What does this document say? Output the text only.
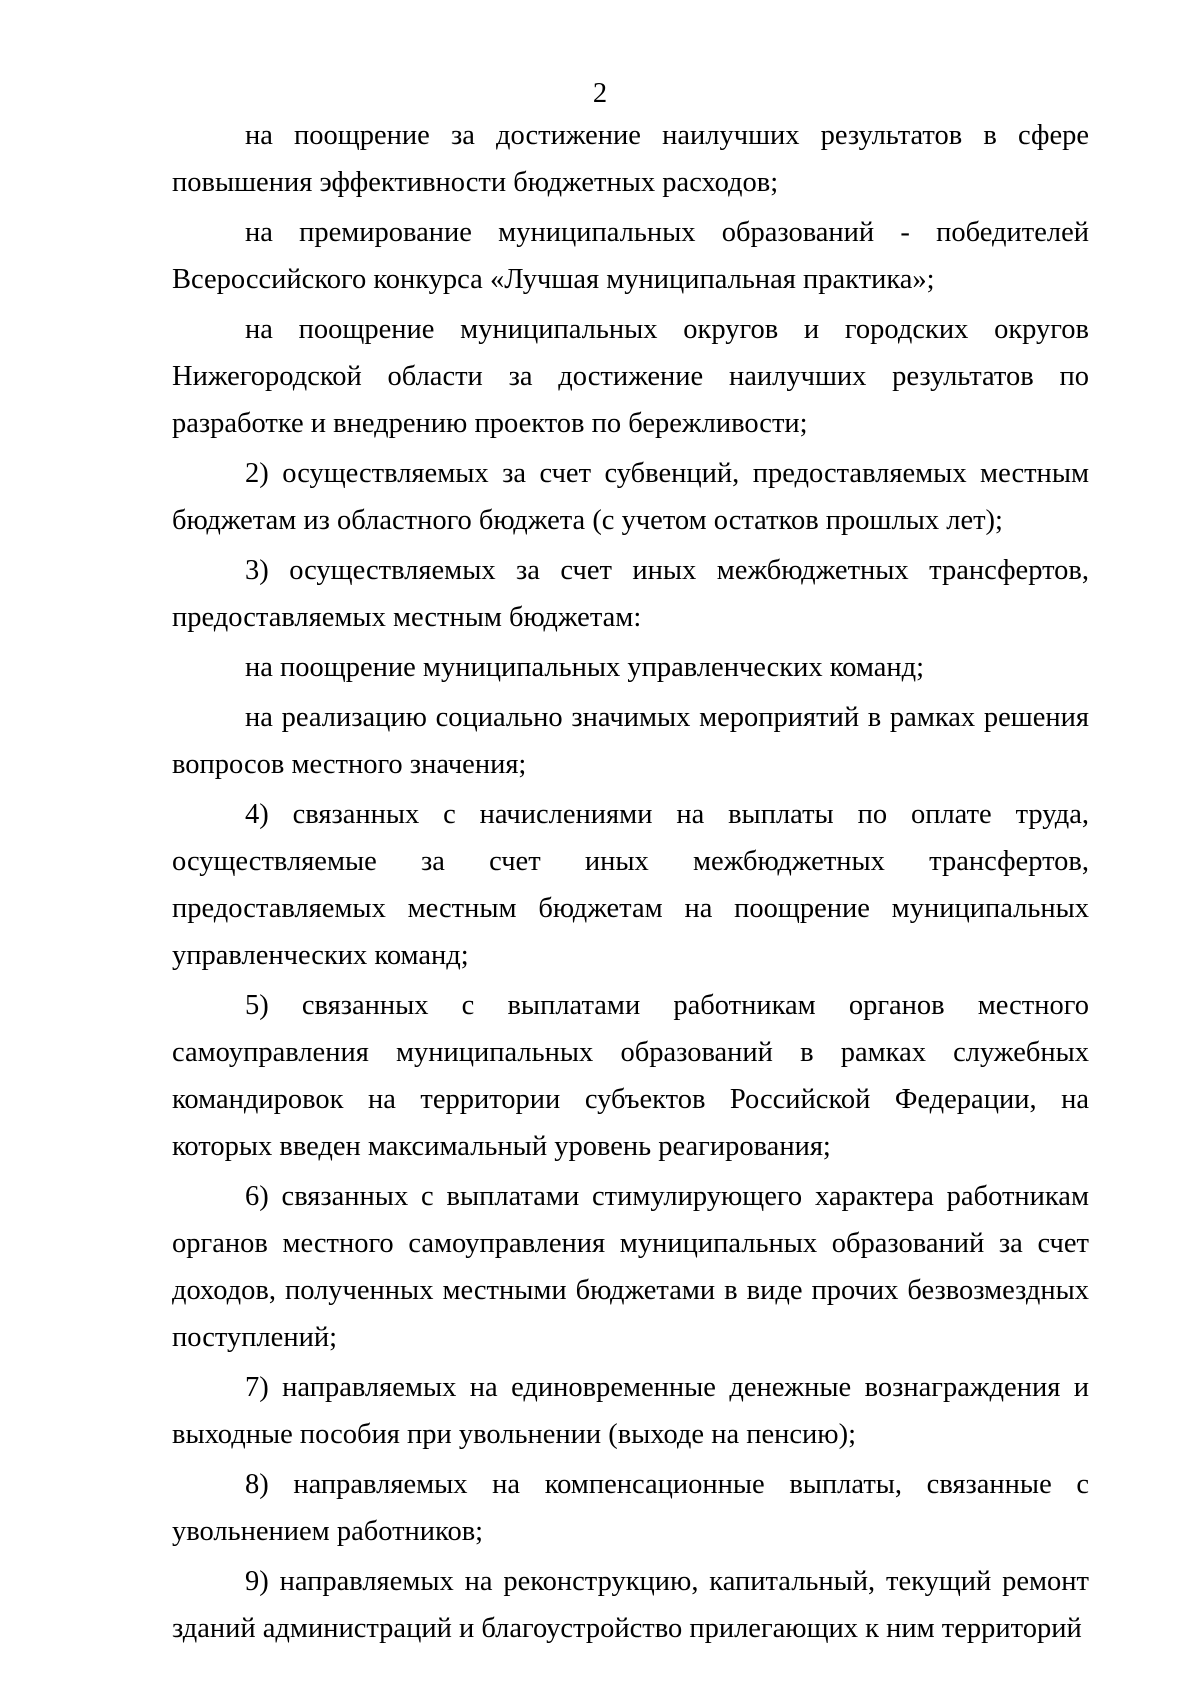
2

на поощрение за достижение наилучших результатов в сфере повышения эффективности бюджетных расходов;

на премирование муниципальных образований - победителей Всероссийского конкурса «Лучшая муниципальная практика»;

на поощрение муниципальных округов и городских округов Нижегородской области за достижение наилучших результатов по разработке и внедрению проектов по бережливости;

2) осуществляемых за счет субвенций, предоставляемых местным бюджетам из областного бюджета (с учетом остатков прошлых лет);

3) осуществляемых за счет иных межбюджетных трансфертов, предоставляемых местным бюджетам:

на поощрение муниципальных управленческих команд;

на реализацию социально значимых мероприятий в рамках решения вопросов местного значения;

4) связанных с начислениями на выплаты по оплате труда, осуществляемые за счет иных межбюджетных трансфертов, предоставляемых местным бюджетам на поощрение муниципальных управленческих команд;

5) связанных с выплатами работникам органов местного самоуправления муниципальных образований в рамках служебных командировок на территории субъектов Российской Федерации, на которых введен максимальный уровень реагирования;

6) связанных с выплатами стимулирующего характера работникам органов местного самоуправления муниципальных образований за счет доходов, полученных местными бюджетами в виде прочих безвозмездных поступлений;

7) направляемых на единовременные денежные вознаграждения и выходные пособия при увольнении (выходе на пенсию);

8) направляемых на компенсационные выплаты, связанные с увольнением работников;

9) направляемых на реконструкцию, капитальный, текущий ремонт зданий администраций и благоустройство прилегающих к ним территорий
